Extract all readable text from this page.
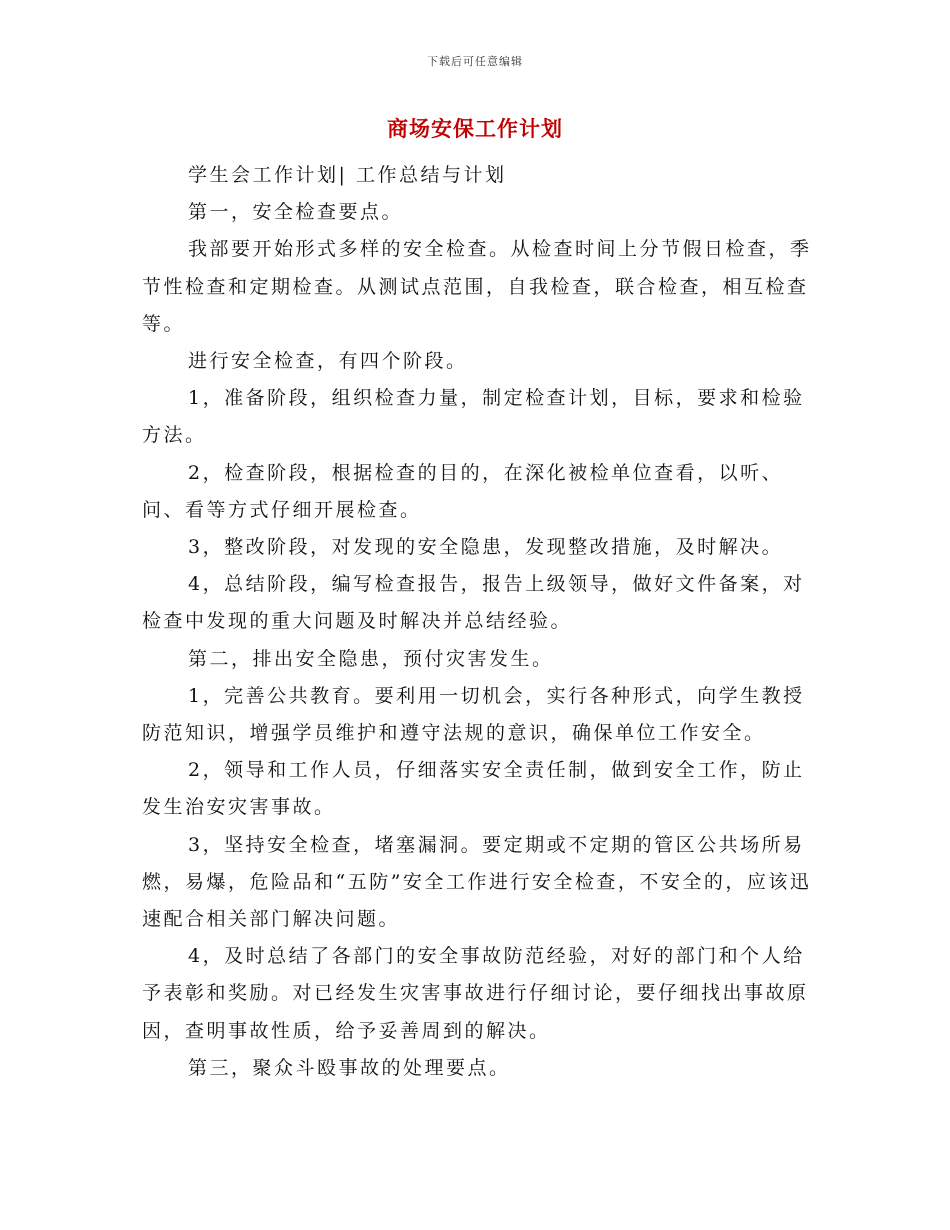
下载后可任意编辑
商场安保工作计划

学生会工作计划| 工作总结与计划

第一，安全检查要点。

我部要开始形式多样的安全检查。从检查时间上分节假日检查，季节性检查和定期检查。从测试点范围，自我检查，联合检查，相互检查等。

进行安全检查，有四个阶段。

1，准备阶段，组织检查力量，制定检查计划，目标，要求和检验方法。

2，检查阶段，根据检查的目的，在深化被检单位查看，以听、问、看等方式仔细开展检查。

3，整改阶段，对发现的安全隐患，发现整改措施，及时解决。

4，总结阶段，编写检查报告，报告上级领导，做好文件备案，对检查中发现的重大问题及时解决并总结经验。

第二，排出安全隐患，预付灾害发生。

1，完善公共教育。要利用一切机会，实行各种形式，向学生教授防范知识，增强学员维护和遵守法规的意识，确保单位工作安全。

2，领导和工作人员，仔细落实安全责任制，做到安全工作，防止发生治安灾害事故。

3，坚持安全检查，堵塞漏洞。要定期或不定期的管区公共场所易燃，易爆，危险品和“五防”安全工作进行安全检查，不安全的，应该迅速配合相关部门解决问题。

4，及时总结了各部门的安全事故防范经验，对好的部门和个人给予表彰和奖励。对已经发生灾害事故进行仔细讨论，要仔细找出事故原因，查明事故性质，给予妥善周到的解决。

第三，聚众斗殴事故的处理要点。
